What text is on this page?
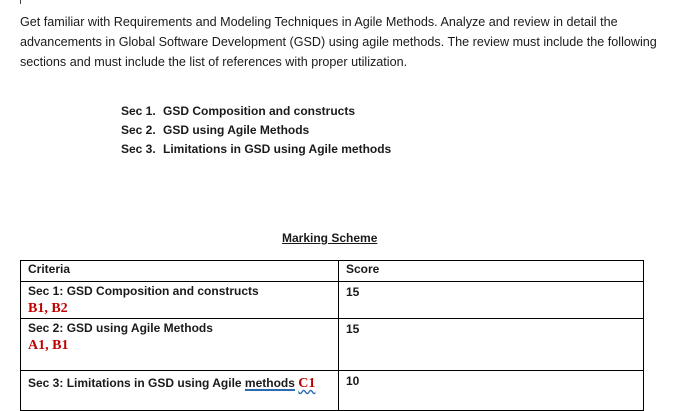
Get familiar with Requirements and Modeling Techniques in Agile Methods. Analyze and review in detail the advancements in Global Software Development (GSD) using agile methods. The review must include the following sections and must include the list of references with proper utilization.

Sec 1. GSD Composition and constructs
Sec 2. GSD using Agile Methods
Sec 3. Limitations in GSD using Agile methods
Marking Scheme
Criteria	Score
Sec 1: GSD Composition and constructs
B1, B2	15
Sec 2: GSD using Agile Methods
A1, B1	15
Sec 3: Limitations in GSD using Agile methods C1	10
